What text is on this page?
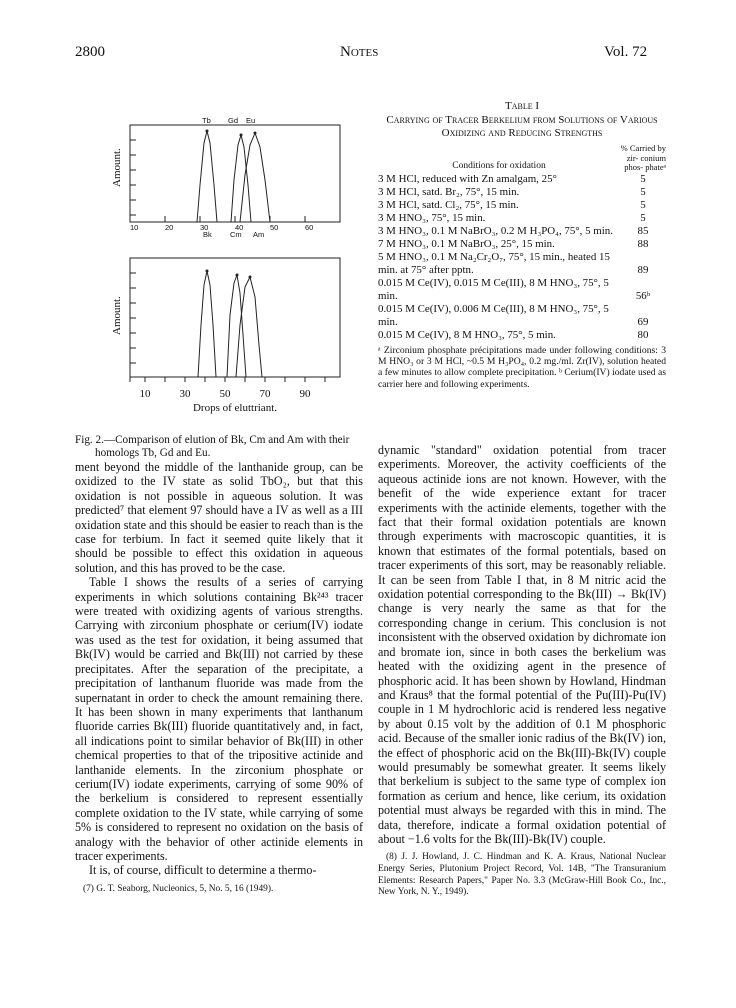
2800	Notes	Vol. 72
Tb Gd Eu
Bk Cm Am
10	20	30	40	50	60
Amount.
Amount.
10	30	50	70	90
Drops of eluttriant.

Fig. 2.—Comparison of elution of Bk, Cm and Am with their homologs Tb, Gd and Eu.

ment beyond the middle of the lanthanide group, can be oxidized to the IV state as solid TbO₂, but that this oxidation is not possible in aqueous solution. It was predicted⁷ that element 97 should have a IV as well as a III oxidation state and this should be easier to reach than is the case for terbium. In fact it seemed quite likely that it should be possible to effect this oxidation in aqueous solution, and this has proved to be the case.

Table I shows the results of a series of carrying experiments in which solutions containing Bk²⁴³ tracer were treated with oxidizing agents of various strengths. Carrying with zirconium phosphate or cerium(IV) iodate was used as the test for oxidation, it being assumed that Bk(IV) would be carried and Bk(III) not carried by these precipitates. After the separation of the precipitate, a precipitation of lanthanum fluoride was made from the supernatant in order to check the amount remaining there. It has been shown in many experiments that lanthanum fluoride carries Bk(III) fluoride quantitatively and, in fact, all indications point to similar behavior of Bk(III) in other chemical properties to that of the tripositive actinide and lanthanide elements. In the zirconium phosphate or cerium(IV) iodate experiments, carrying of some 90% of the berkelium is considered to represent essentially complete oxidation to the IV state, while carrying of some 5% is considered to represent no oxidation on the basis of analogy with the behavior of other actinide elements in tracer experiments.

It is, of course, difficult to determine a thermo-

(7) G. T. Seaborg, Nucleonics, 5, No. 5, 16 (1949).

Table I
Carrying of Tracer Berkelium from Solutions of Various Oxidizing and Reducing Strengths
Conditions for oxidation	% Carried by zir- conium phos- phateᵃ
3 M HCl, reduced with Zn amalgam, 25°	5
3 M HCl, satd. Br₂, 75°, 15 min.	5
3 M HCl, satd. Cl₂, 75°, 15 min.	5
3 M HNO₃, 75°, 15 min.	5
3 M HNO₃, 0.1 M NaBrO₃, 0.2 M H₃PO₄, 75°, 5 min.	85
7 M HNO₃, 0.1 M NaBrO₃, 25°, 15 min.	88
5 M HNO₃, 0.1 M Na₂Cr₂O₇, 75°, 15 min., heated 15 min. at 75° after pptn.	89
0.015 M Ce(IV), 0.015 M Ce(III), 8 M HNO₃, 75°, 5 min.	56ᵇ
0.015 M Ce(IV), 0.006 M Ce(III), 8 M HNO₃, 75°, 5 min.	69
0.015 M Ce(IV), 8 M HNO₃, 75°, 5 min.	80

ᵃ Zirconium phosphate précipitations made under following conditions: 3 M HNO₃ or 3 M HCl, ~0.5 M H₃PO₄, 0.2 mg./ml. Zr(IV), solution heated a few minutes to allow complete precipitation. ᵇ Cerium(IV) iodate used as carrier here and following experiments.

dynamic "standard" oxidation potential from tracer experiments. Moreover, the activity coefficients of the aqueous actinide ions are not known. However, with the benefit of the wide experience extant for tracer experiments with the actinide elements, together with the fact that their formal oxidation potentials are known through experiments with macroscopic quantities, it is known that estimates of the formal potentials, based on tracer experiments of this sort, may be reasonably reliable. It can be seen from Table I that, in 8 M nitric acid the oxidation potential corresponding to the Bk(III) → Bk(IV) change is very nearly the same as that for the corresponding change in cerium. This conclusion is not inconsistent with the observed oxidation by dichromate ion and bromate ion, since in both cases the berkelium was heated with the oxidizing agent in the presence of phosphoric acid. It has been shown by Howland, Hindman and Kraus⁸ that the formal potential of the Pu(III)-Pu(IV) couple in 1 M hydrochloric acid is rendered less negative by about 0.15 volt by the addition of 0.1 M phosphoric acid. Because of the smaller ionic radius of the Bk(IV) ion, the effect of phosphoric acid on the Bk(III)-Bk(IV) couple would presumably be somewhat greater. It seems likely that berkelium is subject to the same type of complex ion formation as cerium and hence, like cerium, its oxidation potential must always be regarded with this in mind. The data, therefore, indicate a formal oxidation potential of about −1.6 volts for the Bk(III)-Bk(IV) couple.

(8) J. J. Howland, J. C. Hindman and K. A. Kraus, National Nuclear Energy Series, Plutonium Project Record, Vol. 14B, "The Transuranium Elements: Research Papers," Paper No. 3.3 (McGraw-Hill Book Co., Inc., New York, N. Y., 1949).
